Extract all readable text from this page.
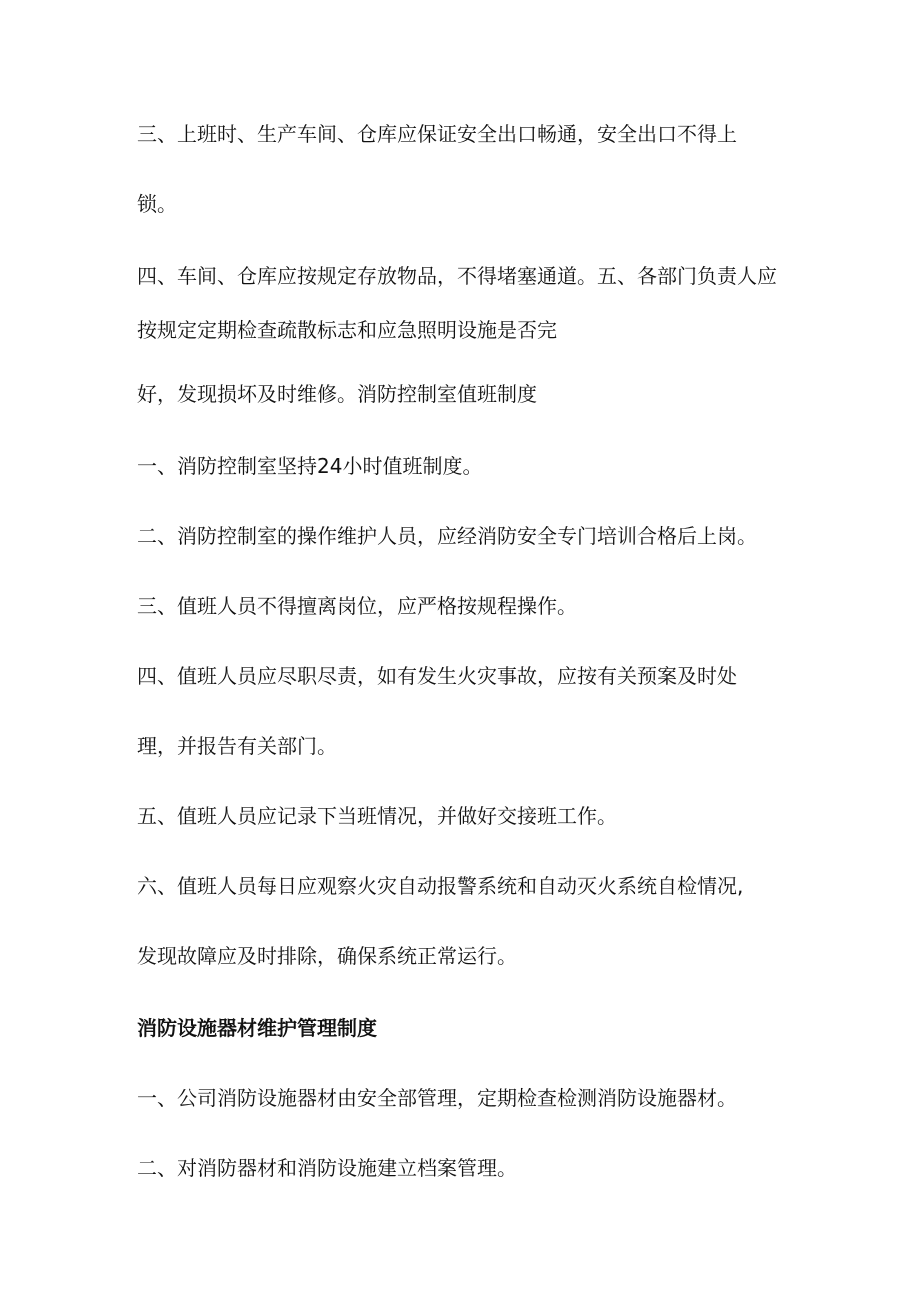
三、上班时、生产车间、仓库应保证安全出口畅通，安全出口不得上

锁。

四、车间、仓库应按规定存放物品，不得堵塞通道。五、各部门负责人应

按规定定期检查疏散标志和应急照明设施是否完

好，发现损坏及时维修。消防控制室值班制度

一、消防控制室坚持24小时值班制度。

二、消防控制室的操作维护人员，应经消防安全专门培训合格后上岗。

三、值班人员不得擅离岗位，应严格按规程操作。

四、值班人员应尽职尽责，如有发生火灾事故，应按有关预案及时处

理，并报告有关部门。

五、值班人员应记录下当班情况，并做好交接班工作。

六、值班人员每日应观察火灾自动报警系统和自动灭火系统自检情况,

发现故障应及时排除，确保系统正常运行。

消防设施器材维护管理制度

一、公司消防设施器材由安全部管理，定期检查检测消防设施器材。

二、对消防器材和消防设施建立档案管理。
